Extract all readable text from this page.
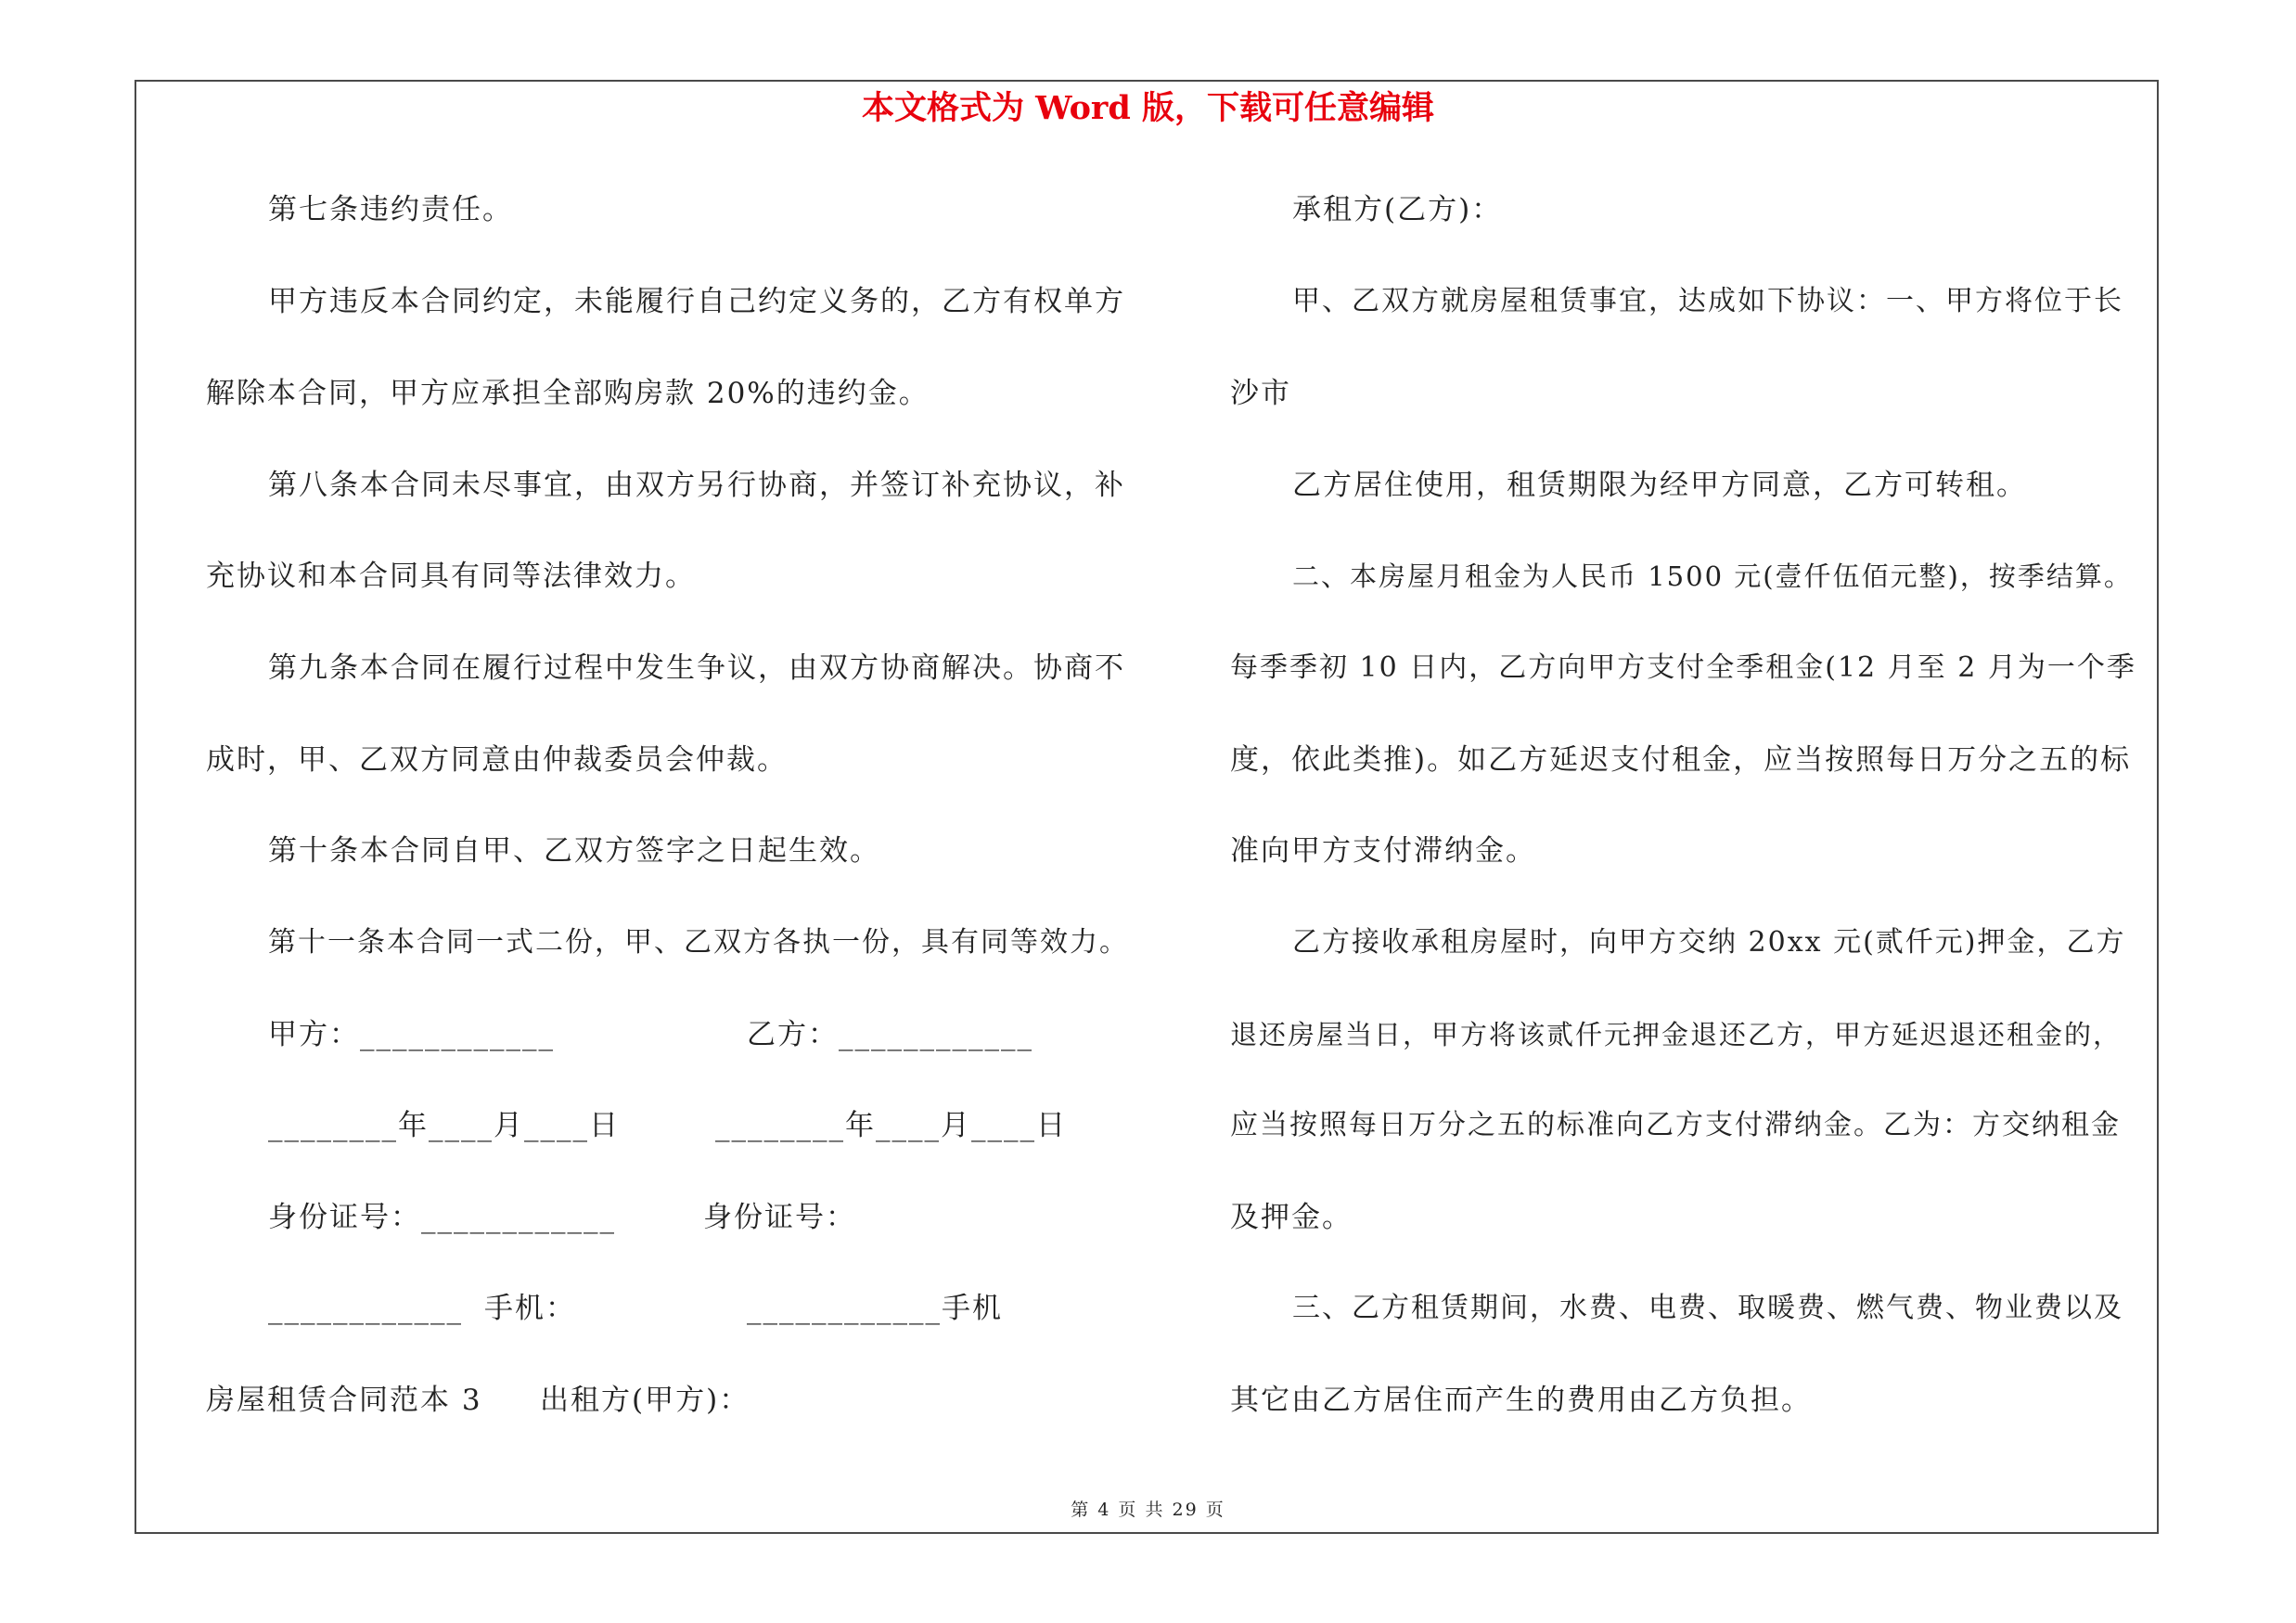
本文格式为 Word 版，下载可任意编辑
第七条违约责任。
甲方违反本合同约定，未能履行自己约定义务的，乙方有权单方
解除本合同，甲方应承担全部购房款 20%的违约金。
第八条本合同未尽事宜，由双方另行协商，并签订补充协议，补
充协议和本合同具有同等法律效力。
第九条本合同在履行过程中发生争议，由双方协商解决。协商不
成时，甲、乙双方同意由仲裁委员会仲裁。
第十条本合同自甲、乙双方签字之日起生效。
第十一条本合同一式二份，甲、乙双方各执一份，具有同等效力。
甲方：____________	乙方：____________
________年____月____日	________年____月____日
身份证号：____________	身份证号：
____________ 手机：	____________手机
房屋租赁合同范本 3 出租方(甲方)：
承租方(乙方)：
甲、乙双方就房屋租赁事宜，达成如下协议：一、甲方将位于长
沙市
乙方居住使用，租赁期限为经甲方同意，乙方可转租。
二、本房屋月租金为人民币 1500 元(壹仟伍佰元整)，按季结算。
每季季初 10 日内，乙方向甲方支付全季租金(12 月至 2 月为一个季
度，依此类推)。如乙方延迟支付租金，应当按照每日万分之五的标
准向甲方支付滞纳金。
乙方接收承租房屋时，向甲方交纳 20xx 元(贰仟元)押金，乙方
退还房屋当日，甲方将该贰仟元押金退还乙方，甲方延迟退还租金的，
应当按照每日万分之五的标准向乙方支付滞纳金。乙为：方交纳租金
及押金。
三、乙方租赁期间，水费、电费、取暖费、燃气费、物业费以及
其它由乙方居住而产生的费用由乙方负担。
第 4 页 共 29 页
